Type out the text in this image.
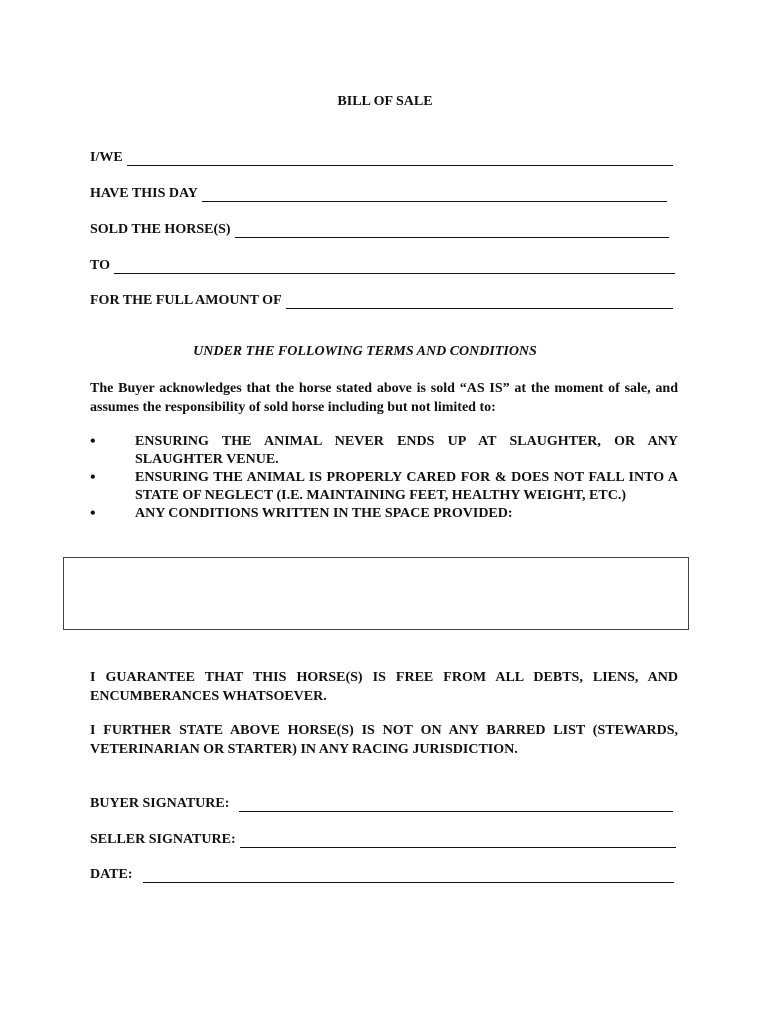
BILL OF SALE
I/WE
HAVE THIS DAY
SOLD THE HORSE(S)
TO
FOR THE FULL AMOUNT OF
UNDER THE FOLLOWING TERMS AND CONDITIONS
The Buyer acknowledges that the horse stated above is sold “AS IS” at the moment of sale, and assumes the responsibility of sold horse including but not limited to:
•	ENSURING THE ANIMAL NEVER ENDS UP AT SLAUGHTER, OR ANY SLAUGHTER VENUE.
•	ENSURING THE ANIMAL IS PROPERLY CARED FOR & DOES NOT FALL INTO A STATE OF NEGLECT (I.E. MAINTAINING FEET, HEALTHY WEIGHT, ETC.)
•	ANY CONDITIONS WRITTEN IN THE SPACE PROVIDED:
I GUARANTEE THAT THIS HORSE(S) IS FREE FROM ALL DEBTS, LIENS, AND ENCUMBERANCES WHATSOEVER.
I FURTHER STATE ABOVE HORSE(S) IS NOT ON ANY BARRED LIST (STEWARDS, VETERINARIAN OR STARTER) IN ANY RACING JURISDICTION.
BUYER SIGNATURE:
SELLER SIGNATURE:
DATE:
